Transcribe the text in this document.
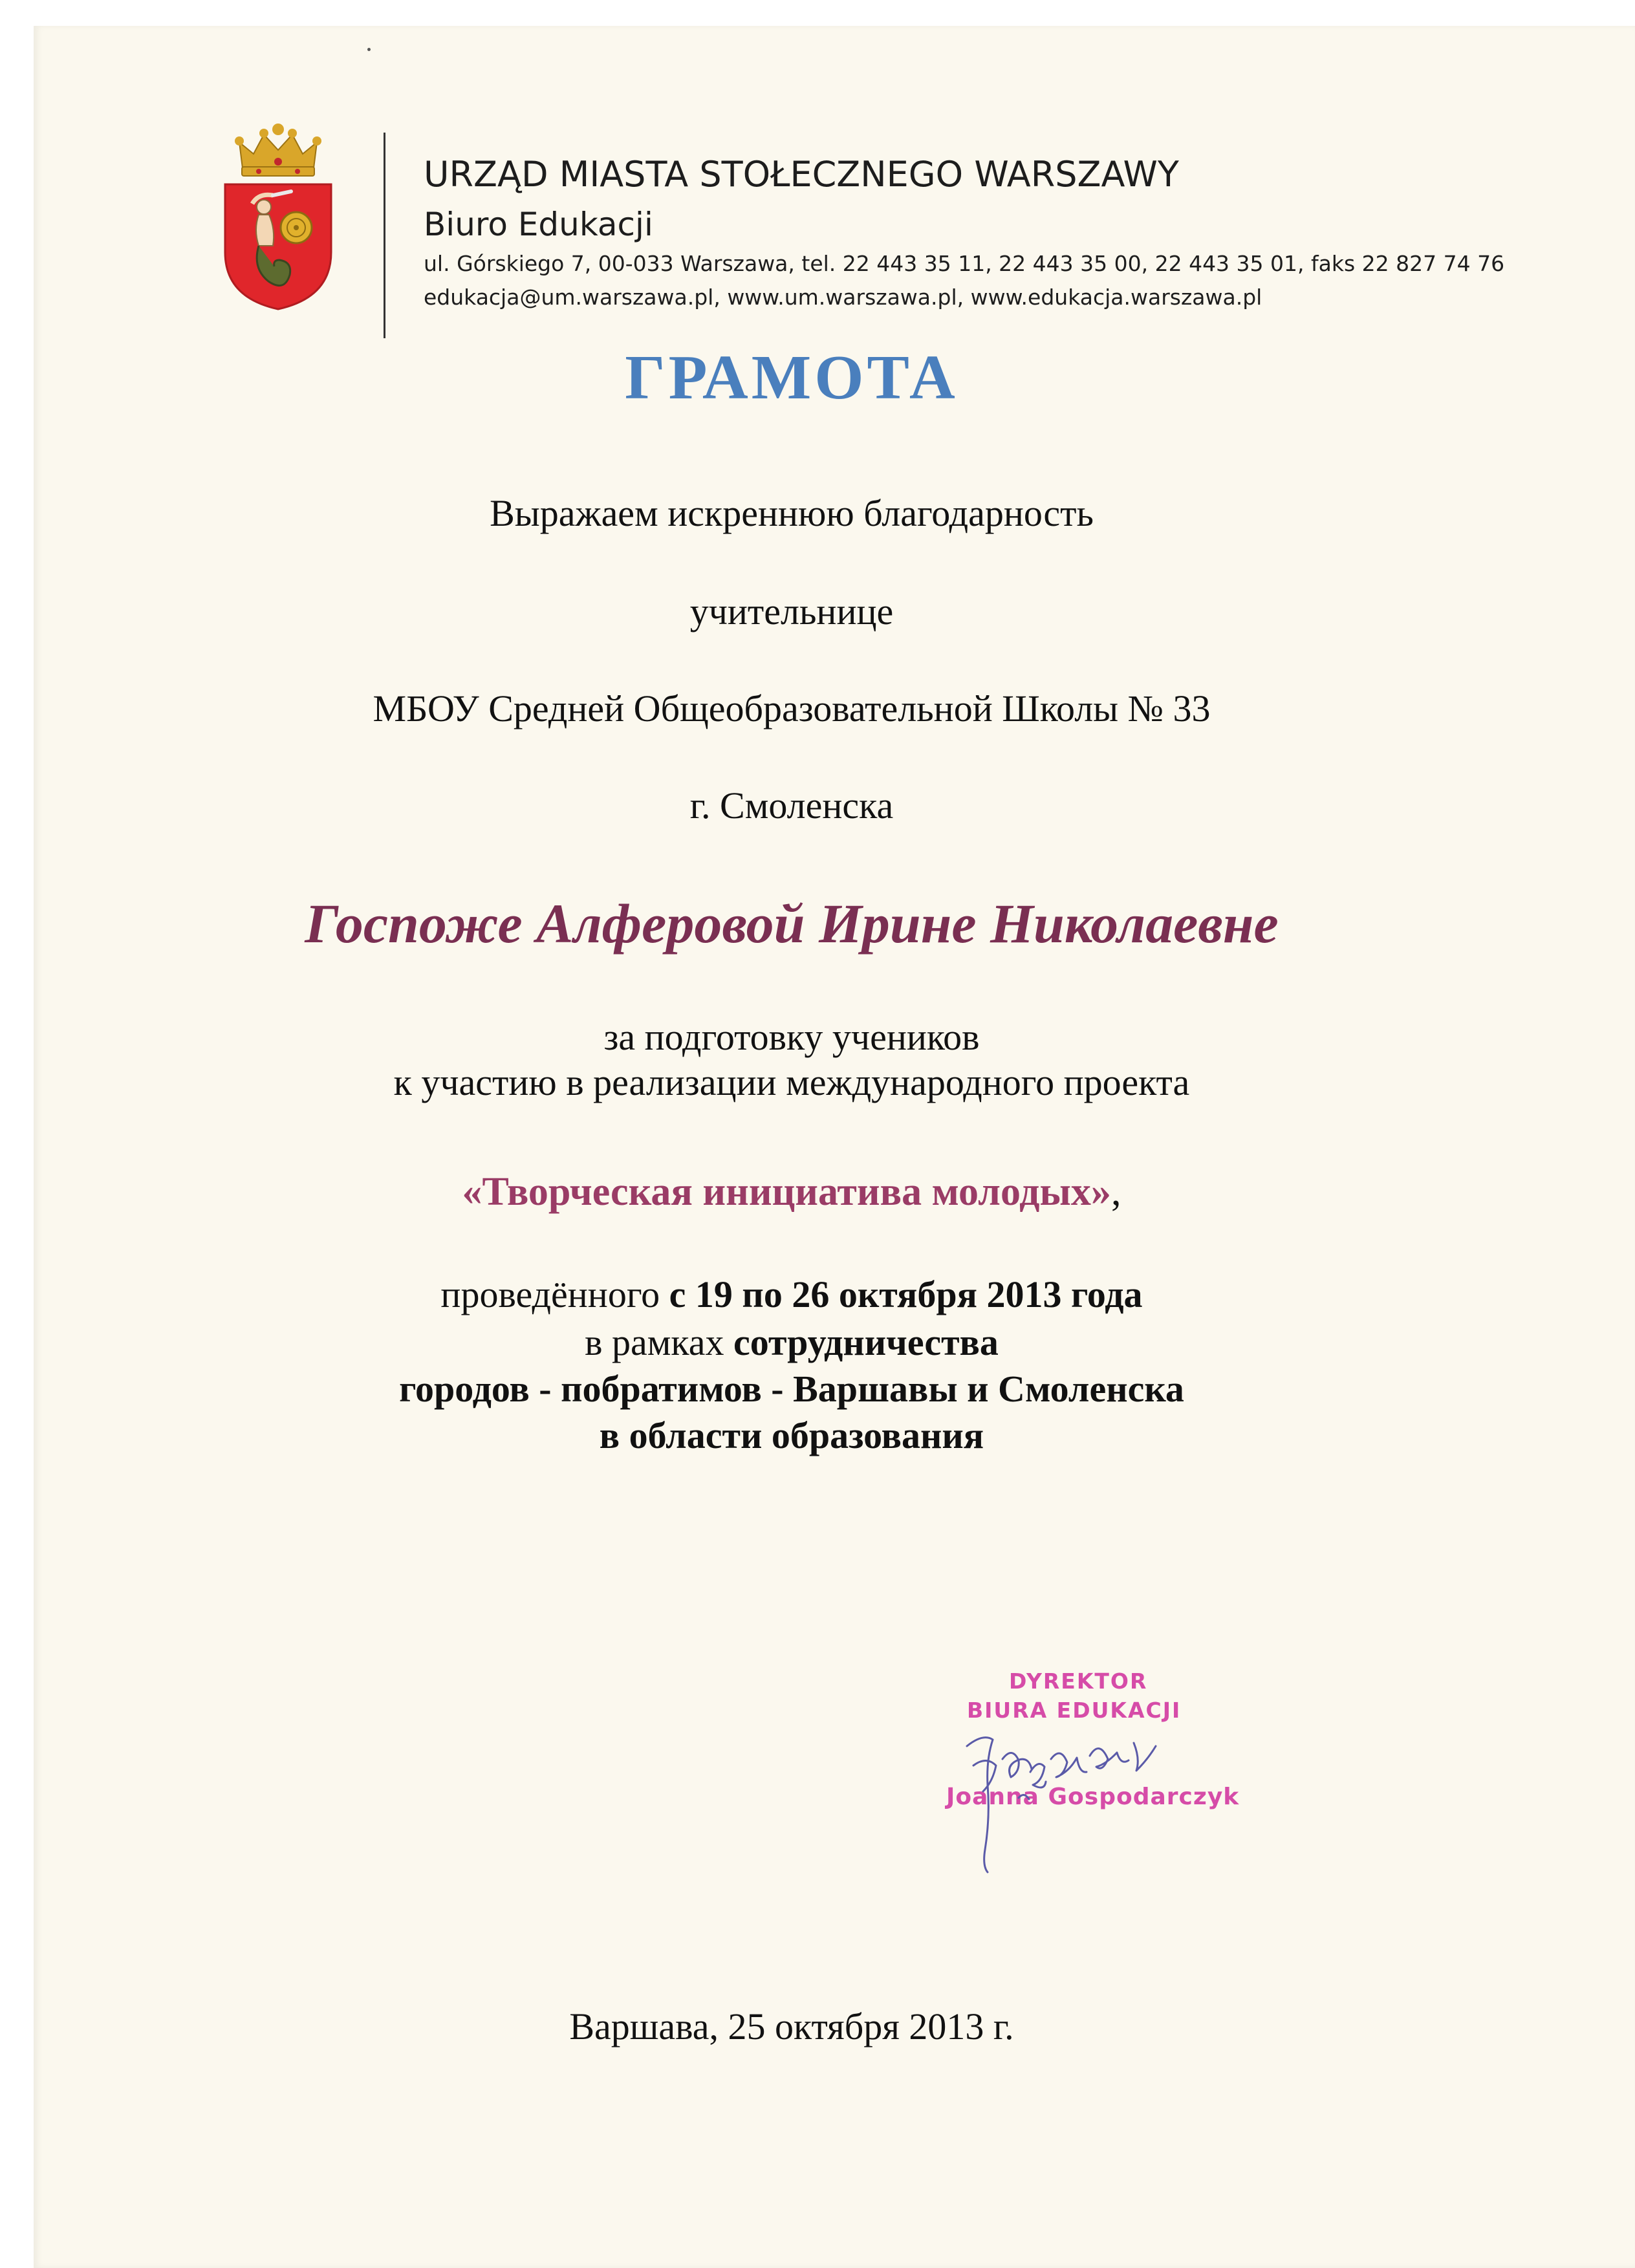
URZĄD MIASTA STOŁECZNEGO WARSZAWY
Biuro Edukacji
ul. Górskiego 7, 00-033 Warszawa, tel. 22 443 35 11, 22 443 35 00, 22 443 35 01, faks 22 827 74 76
edukacja@um.warszawa.pl, www.um.warszawa.pl, www.edukacja.warszawa.pl
ГРАМОТА
Выражаем искреннюю благодарность
учительнице
МБОУ Средней Общеобразовательной Школы № 33
г. Смоленска
Госпоже Алферовой Ирине Николаевне
за подготовку учеников
к участию в реализации международного проекта
«Творческая инициатива молодых»,
проведённого с 19 по 26 октября 2013 года
в рамках сотрудничества
городов - побратимов - Варшавы и Смоленска
в области образования
DYREKTOR
BIURA EDUKACJI
Joanna Gospodarczyk
Варшава, 25 октября 2013 г.
